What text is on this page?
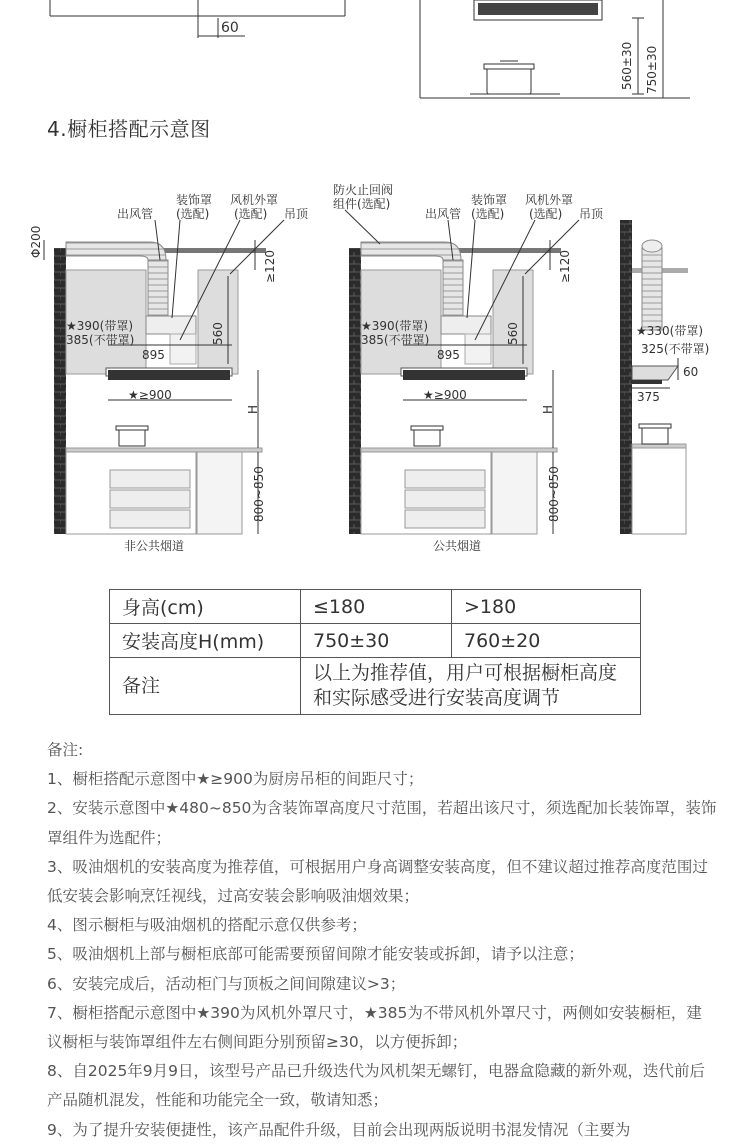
60
560±30 750±30
4.橱柜搭配示意图
Φ200
≥120
H
800~850
560
895
★≥900
★390(带罩)
385(不带罩)
出风管
装饰罩
(选配)
风机外罩
(选配) 吊顶
非公共烟道
≥120
H
800~850
560
895
★≥900
★390(带罩)
385(不带罩)
防火止回阀
组件(选配)
出风管
装饰罩
(选配)
风机外罩
(选配) 吊顶
公共烟道
★330(带罩)
325(不带罩)
60
375
身高(cm)	≤180	>180
安装高度H(mm)	750±30	760±20
备注	以上为推荐值，用户可根据橱柜高度
和实际感受进行安装高度调节	

备注:

1、橱柜搭配示意图中★≥900为厨房吊柜的间距尺寸；

2、安装示意图中★480~850为含装饰罩高度尺寸范围，若超出该尺寸，须选配加长装饰罩，装饰罩组件为选配件；

3、吸油烟机的安装高度为推荐值，可根据用户身高调整安装高度，但不建议超过推荐高度范围过低安装会影响烹饪视线，过高安装会影响吸油烟效果；

4、图示橱柜与吸油烟机的搭配示意仅供参考；

5、吸油烟机上部与橱柜底部可能需要预留间隙才能安装或拆卸，请予以注意；

6、安装完成后，活动柜门与顶板之间间隙建议>3；

7、橱柜搭配示意图中★390为风机外罩尺寸，★385为不带风机外罩尺寸，两侧如安装橱柜，建议橱柜与装饰罩组件左右侧间距分别预留≥30，以方便拆卸；

8、自2025年9月9日，该型号产品已升级迭代为风机架无螺钉，电器盒隐藏的新外观，迭代前后产品随机混发，性能和功能完全一致，敬请知悉；

9、为了提升安装便捷性，该产品配件升级，目前会出现两版说明书混发情况（主要为
